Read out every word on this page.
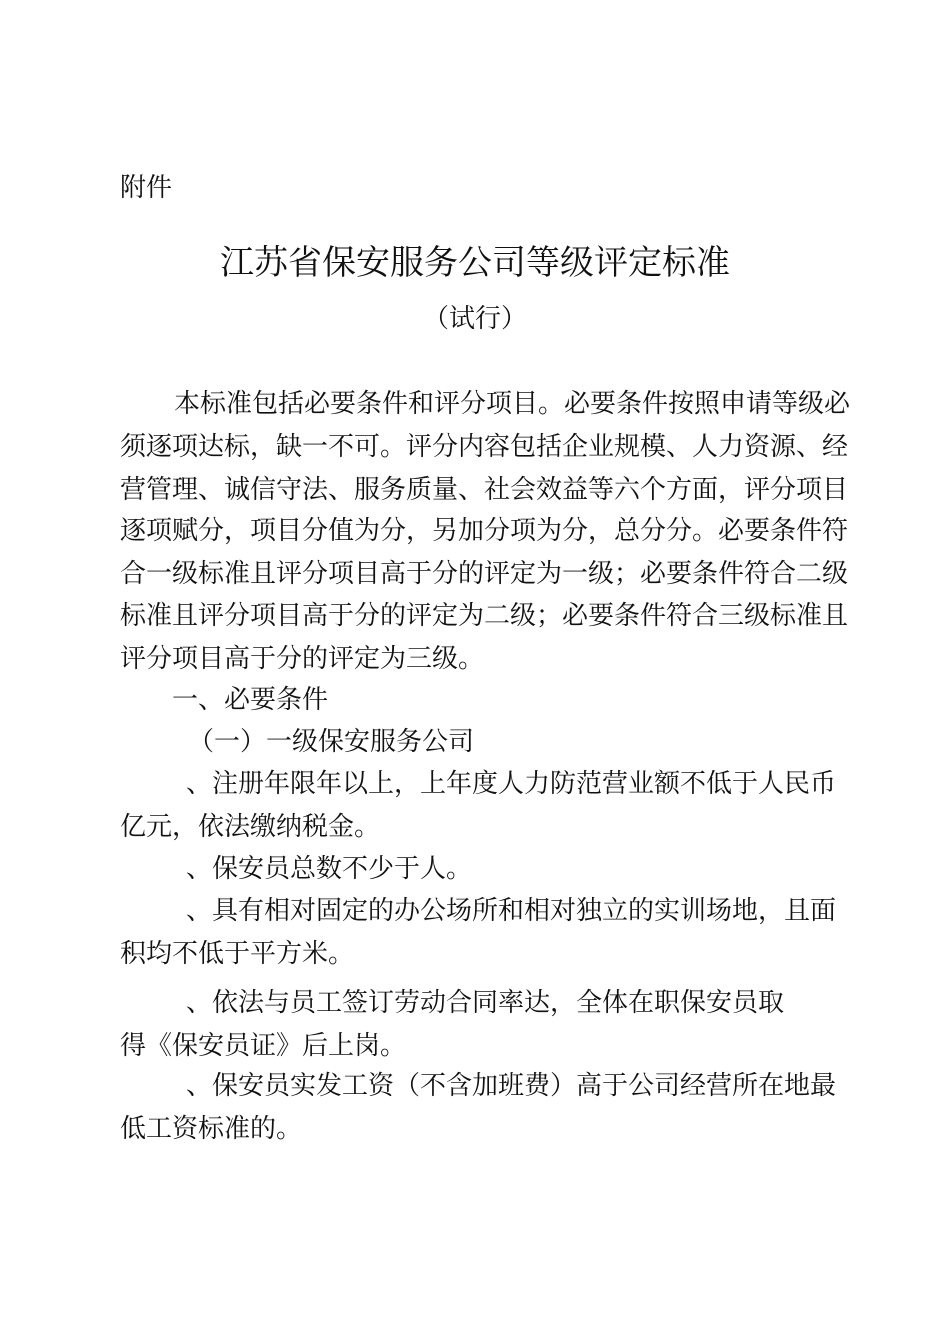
附件

江苏省保安服务公司等级评定标准

（试行）

本标准包括必要条件和评分项目。必要条件按照申请等级必

须逐项达标，缺一不可。评分内容包括企业规模、人力资源、经

营管理、诚信守法、服务质量、社会效益等六个方面，评分项目

逐项赋分，项目分值为分，另加分项为分，总分分。必要条件符

合一级标准且评分项目高于分的评定为一级；必要条件符合二级

标准且评分项目高于分的评定为二级；必要条件符合三级标准且

评分项目高于分的评定为三级。

一、必要条件

（一）一级保安服务公司

、注册年限年以上，上年度人力防范营业额不低于人民币

亿元，依法缴纳税金。

、保安员总数不少于人。

、具有相对固定的办公场所和相对独立的实训场地，且面

积均不低于平方米。

、依法与员工签订劳动合同率达，全体在职保安员取

得《保安员证》后上岗。

、保安员实发工资（不含加班费）高于公司经营所在地最

低工资标准的。
